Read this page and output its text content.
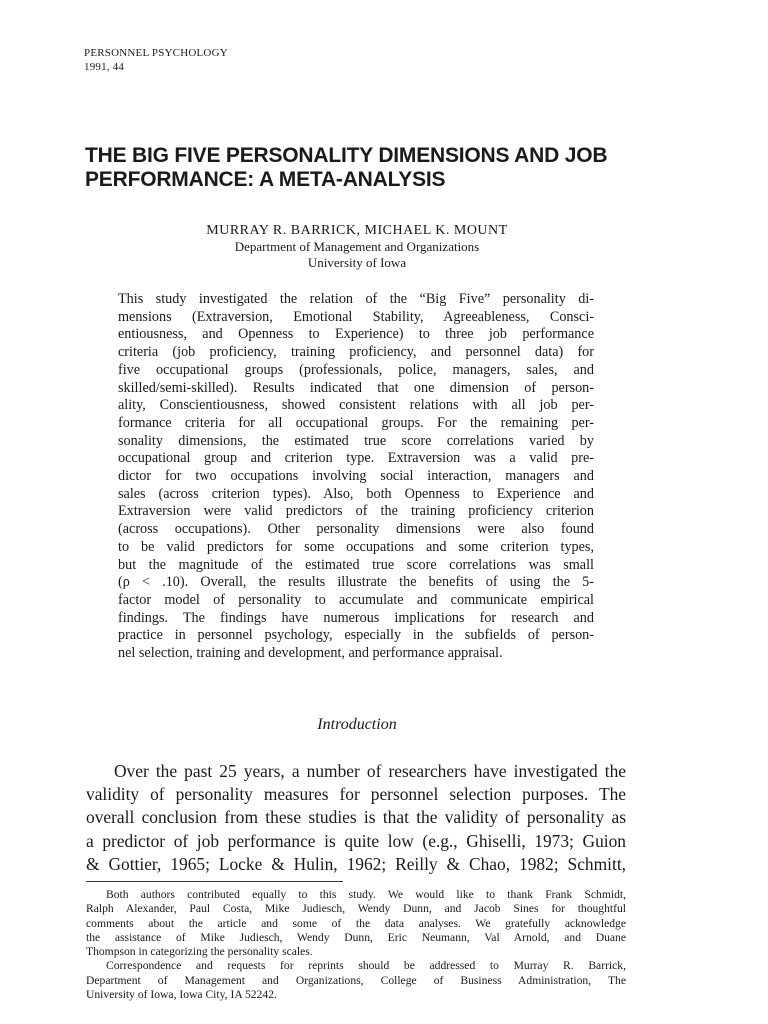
PERSONNEL PSYCHOLOGY
1991, 44
THE BIG FIVE PERSONALITY DIMENSIONS AND JOB
PERFORMANCE: A META-ANALYSIS
MURRAY R. BARRICK, MICHAEL K. MOUNT
Department of Management and Organizations
University of Iowa
This study investigated the relation of the “Big Five” personality di-
mensions (Extraversion, Emotional Stability, Agreeableness, Consci-
entiousness, and Openness to Experience) to three job performance
criteria (job proficiency, training proficiency, and personnel data) for
five occupational groups (professionals, police, managers, sales, and
skilled/semi-skilled). Results indicated that one dimension of person-
ality, Conscientiousness, showed consistent relations with all job per-
formance criteria for all occupational groups. For the remaining per-
sonality dimensions, the estimated true score correlations varied by
occupational group and criterion type. Extraversion was a valid pre-
dictor for two occupations involving social interaction, managers and
sales (across criterion types). Also, both Openness to Experience and
Extraversion were valid predictors of the training proficiency criterion
(across occupations). Other personality dimensions were also found
to be valid predictors for some occupations and some criterion types,
but the magnitude of the estimated true score correlations was small
(ρ < .10). Overall, the results illustrate the benefits of using the 5-
factor model of personality to accumulate and communicate empirical
findings. The findings have numerous implications for research and
practice in personnel psychology, especially in the subfields of person-
nel selection, training and development, and performance appraisal.
Introduction
Over the past 25 years, a number of researchers have investigated the
validity of personality measures for personnel selection purposes. The
overall conclusion from these studies is that the validity of personality as
a predictor of job performance is quite low (e.g., Ghiselli, 1973; Guion
& Gottier, 1965; Locke & Hulin, 1962; Reilly & Chao, 1982; Schmitt,
Both authors contributed equally to this study. We would like to thank Frank Schmidt,
Ralph Alexander, Paul Costa, Mike Judiesch, Wendy Dunn, and Jacob Sines for thoughtful
comments about the article and some of the data analyses. We gratefully acknowledge
the assistance of Mike Judiesch, Wendy Dunn, Eric Neumann, Val Arnold, and Duane
Thompson in categorizing the personality scales.
Correspondence and requests for reprints should be addressed to Murray R. Barrick,
Department of Management and Organizations, College of Business Administration, The
University of Iowa, Iowa City, IA 52242.
